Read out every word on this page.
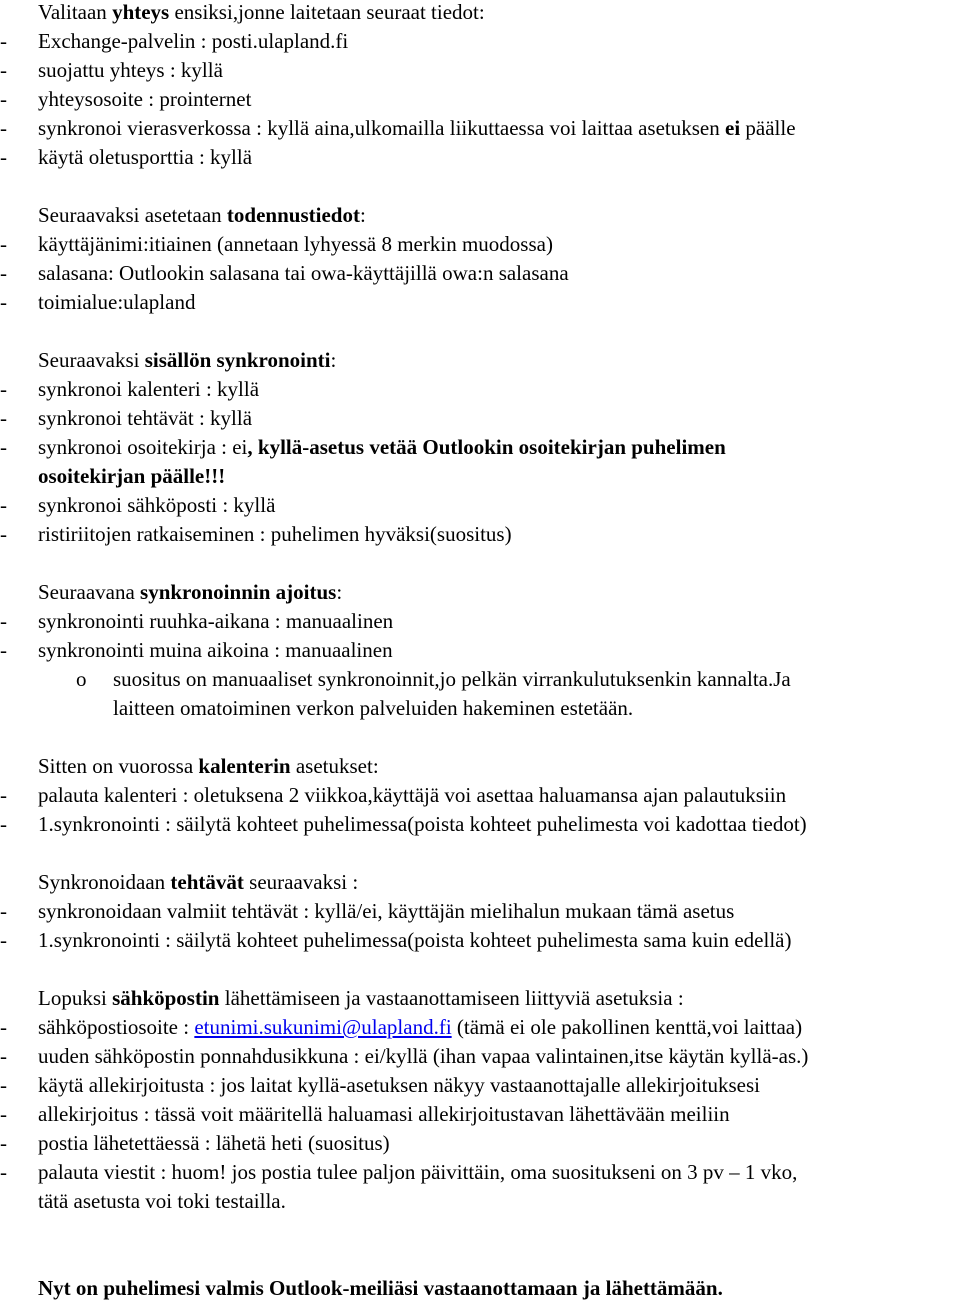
Valitaan yhteys ensiksi,jonne laitetaan seuraat tiedot:
-	Exchange-palvelin : posti.ulapland.fi
-	suojattu yhteys : kyllä
-	yhteysosoite : prointernet
-	synkronoi vierasverkossa : kyllä aina,ulkomailla liikuttaessa voi laittaa asetuksen ei päälle
-	käytä oletusporttia : kyllä
Seuraavaksi asetetaan todennustiedot:
-	käyttäjänimi:itiainen (annetaan lyhyessä 8 merkin muodossa)
-	salasana: Outlookin salasana tai owa-käyttäjillä owa:n salasana
-	toimialue:ulapland
Seuraavaksi sisällön synkronointi:
-	synkronoi kalenteri : kyllä
-	synkronoi tehtävät : kyllä
-	synkronoi osoitekirja : ei, kyllä-asetus vetää Outlookin osoitekirjan puhelimen
osoitekirjan päälle!!!
-	synkronoi sähköposti : kyllä
-	ristiriitojen ratkaiseminen : puhelimen hyväksi(suositus)
Seuraavana synkronoinnin ajoitus:
-	synkronointi ruuhka-aikana : manuaalinen
-	synkronointi muina aikoina : manuaalinen
o suositus on manuaaliset synkronoinnit,jo pelkän virrankulutuksenkin kannalta.Ja
laitteen omatoiminen verkon palveluiden hakeminen estetään.
Sitten on vuorossa kalenterin asetukset:
-	palauta kalenteri : oletuksena 2 viikkoa,käyttäjä voi asettaa haluamansa ajan palautuksiin
-	1.synkronointi : säilytä kohteet puhelimessa(poista kohteet puhelimesta voi kadottaa tiedot)
Synkronoidaan tehtävät seuraavaksi :
-	synkronoidaan valmiit tehtävät : kyllä/ei, käyttäjän mielihalun mukaan tämä asetus
-	1.synkronointi : säilytä kohteet puhelimessa(poista kohteet puhelimesta sama kuin edellä)
Lopuksi sähköpostin lähettämiseen ja vastaanottamiseen liittyviä asetuksia :
-	sähköpostiosoite : etunimi.sukunimi@ulapland.fi (tämä ei ole pakollinen kenttä,voi laittaa)
-	uuden sähköpostin ponnahdusikkuna : ei/kyllä (ihan vapaa valintainen,itse käytän kyllä-as.)
-	käytä allekirjoitusta : jos laitat kyllä-asetuksen näkyy vastaanottajalle allekirjoituksesi
-	allekirjoitus : tässä voit määritellä haluamasi allekirjoitustavan lähettävään meiliin
-	postia lähetettäessä : lähetä heti (suositus)
-	palauta viestit : huom! jos postia tulee paljon päivittäin, oma suositukseni on 3 pv – 1 vko,
tätä asetusta voi toki testailla.
Nyt on puhelimesi valmis Outlook-meiliäsi vastaanottamaan ja lähettämään.
